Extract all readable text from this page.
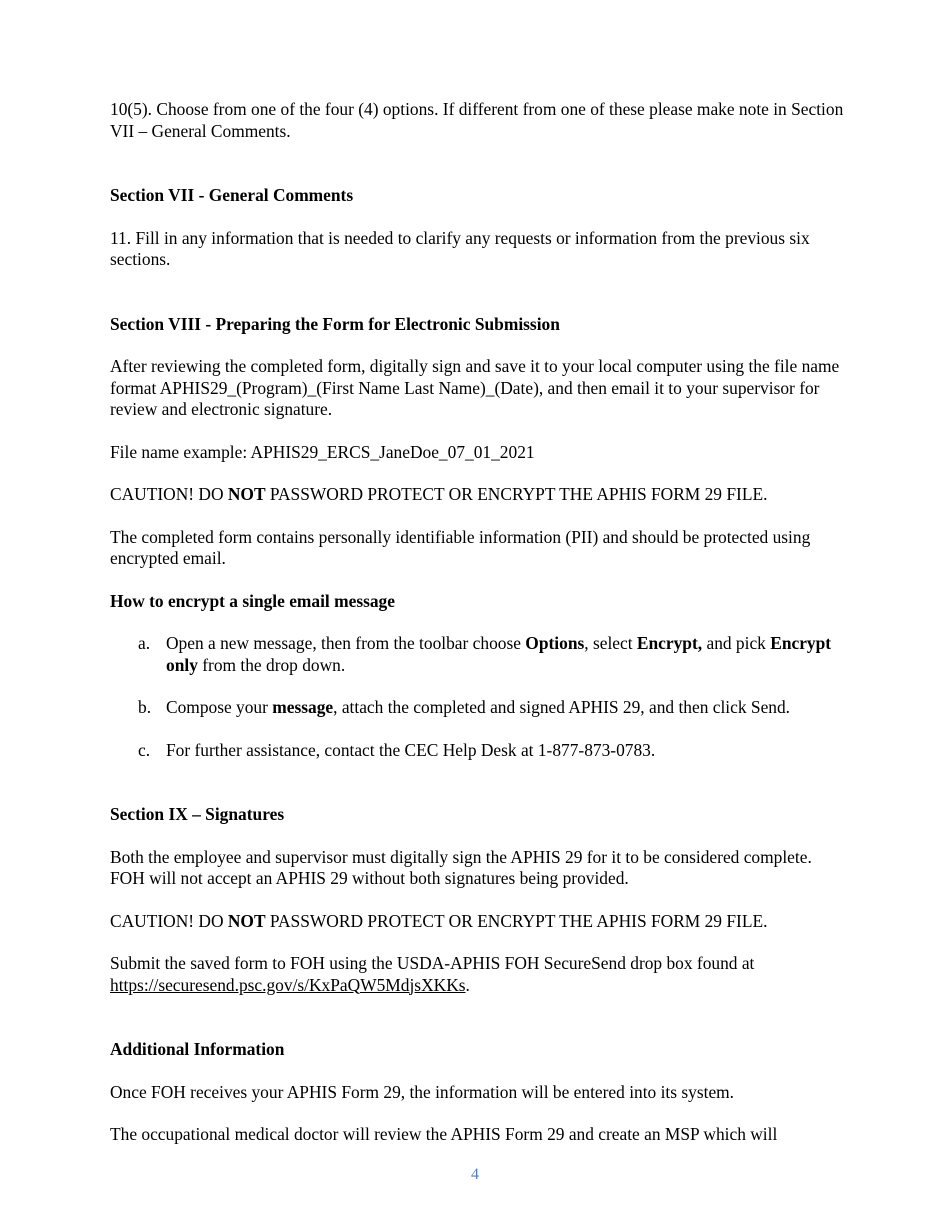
10(5). Choose from one of the four (4) options. If different from one of these please make note in Section VII – General Comments.

Section VII - General Comments

11. Fill in any information that is needed to clarify any requests or information from the previous six sections.

Section VIII - Preparing the Form for Electronic Submission

After reviewing the completed form, digitally sign and save it to your local computer using the file name format APHIS29_(Program)_(First Name Last Name)_(Date), and then email it to your supervisor for review and electronic signature.

File name example: APHIS29_ERCS_JaneDoe_07_01_2021

CAUTION! DO NOT PASSWORD PROTECT OR ENCRYPT THE APHIS FORM 29 FILE.

The completed form contains personally identifiable information (PII) and should be protected using encrypted email.

How to encrypt a single email message

a. Open a new message, then from the toolbar choose Options, select Encrypt, and pick Encrypt only from the drop down.
b. Compose your message, attach the completed and signed APHIS 29, and then click Send.
c. For further assistance, contact the CEC Help Desk at 1-877-873-0783.

Section IX – Signatures

Both the employee and supervisor must digitally sign the APHIS 29 for it to be considered complete. FOH will not accept an APHIS 29 without both signatures being provided.

CAUTION! DO NOT PASSWORD PROTECT OR ENCRYPT THE APHIS FORM 29 FILE.

Submit the saved form to FOH using the USDA-APHIS FOH SecureSend drop box found at https://securesend.psc.gov/s/KxPaQW5MdjsXKKs.

Additional Information

Once FOH receives your APHIS Form 29, the information will be entered into its system.

The occupational medical doctor will review the APHIS Form 29 and create an MSP which will

4
